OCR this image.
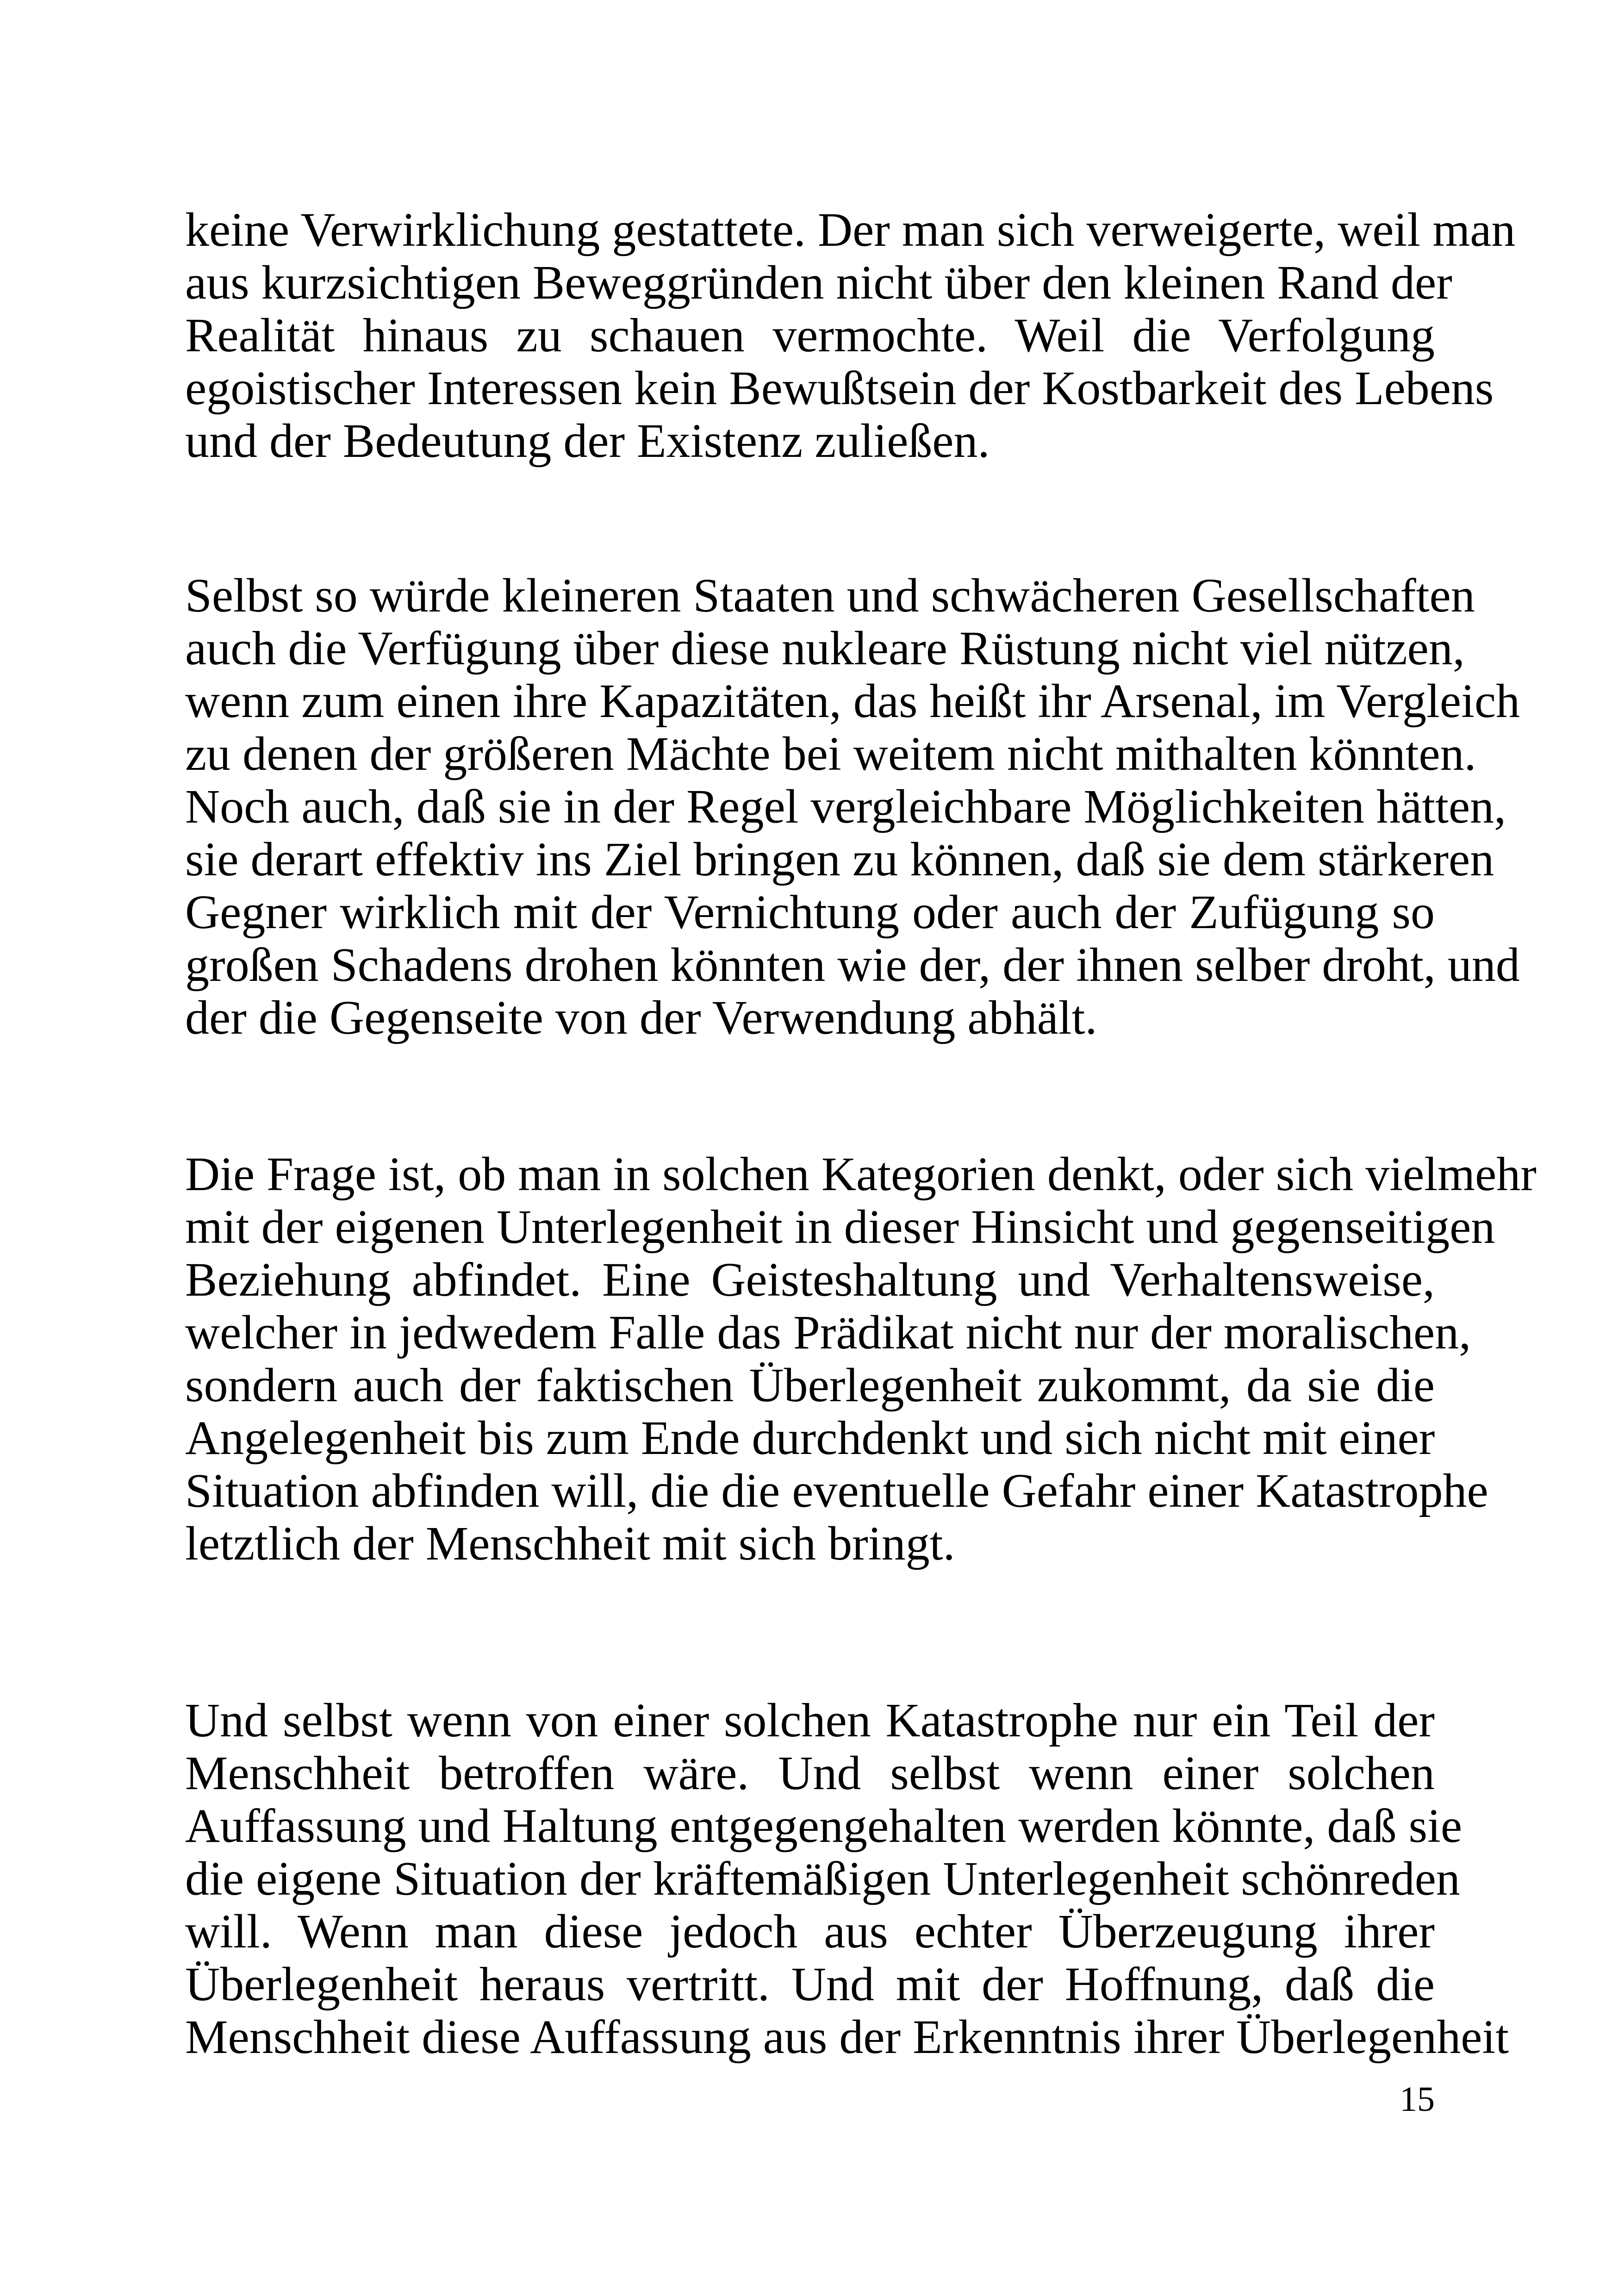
keine Verwirklichung gestattete. Der man sich verweigerte, weil man
aus kurzsichtigen Beweggründen nicht über den kleinen Rand der
Realität hinaus zu schauen vermochte. Weil die Verfolgung
egoistischer Interessen kein Bewußtsein der Kostbarkeit des Lebens
und der Bedeutung der Existenz zuließen.

Selbst so würde kleineren Staaten und schwächeren Gesellschaften
auch die Verfügung über diese nukleare Rüstung nicht viel nützen,
wenn zum einen ihre Kapazitäten, das heißt ihr Arsenal, im Vergleich
zu denen der größeren Mächte bei weitem nicht mithalten könnten.
Noch auch, daß sie in der Regel vergleichbare Möglichkeiten hätten,
sie derart effektiv ins Ziel bringen zu können, daß sie dem stärkeren
Gegner wirklich mit der Vernichtung oder auch der Zufügung so
großen Schadens drohen könnten wie der, der ihnen selber droht, und
der die Gegenseite von der Verwendung abhält.

Die Frage ist, ob man in solchen Kategorien denkt, oder sich vielmehr
mit der eigenen Unterlegenheit in dieser Hinsicht und gegenseitigen
Beziehung abfindet. Eine Geisteshaltung und Verhaltensweise,
welcher in jedwedem Falle das Prädikat nicht nur der moralischen,
sondern auch der faktischen Überlegenheit zukommt, da sie die
Angelegenheit bis zum Ende durchdenkt und sich nicht mit einer
Situation abfinden will, die die eventuelle Gefahr einer Katastrophe
letztlich der Menschheit mit sich bringt.

Und selbst wenn von einer solchen Katastrophe nur ein Teil der
Menschheit betroffen wäre. Und selbst wenn einer solchen
Auffassung und Haltung entgegengehalten werden könnte, daß sie
die eigene Situation der kräftemäßigen Unterlegenheit schönreden
will. Wenn man diese jedoch aus echter Überzeugung ihrer
Überlegenheit heraus vertritt. Und mit der Hoffnung, daß die
Menschheit diese Auffassung aus der Erkenntnis ihrer Überlegenheit

15
